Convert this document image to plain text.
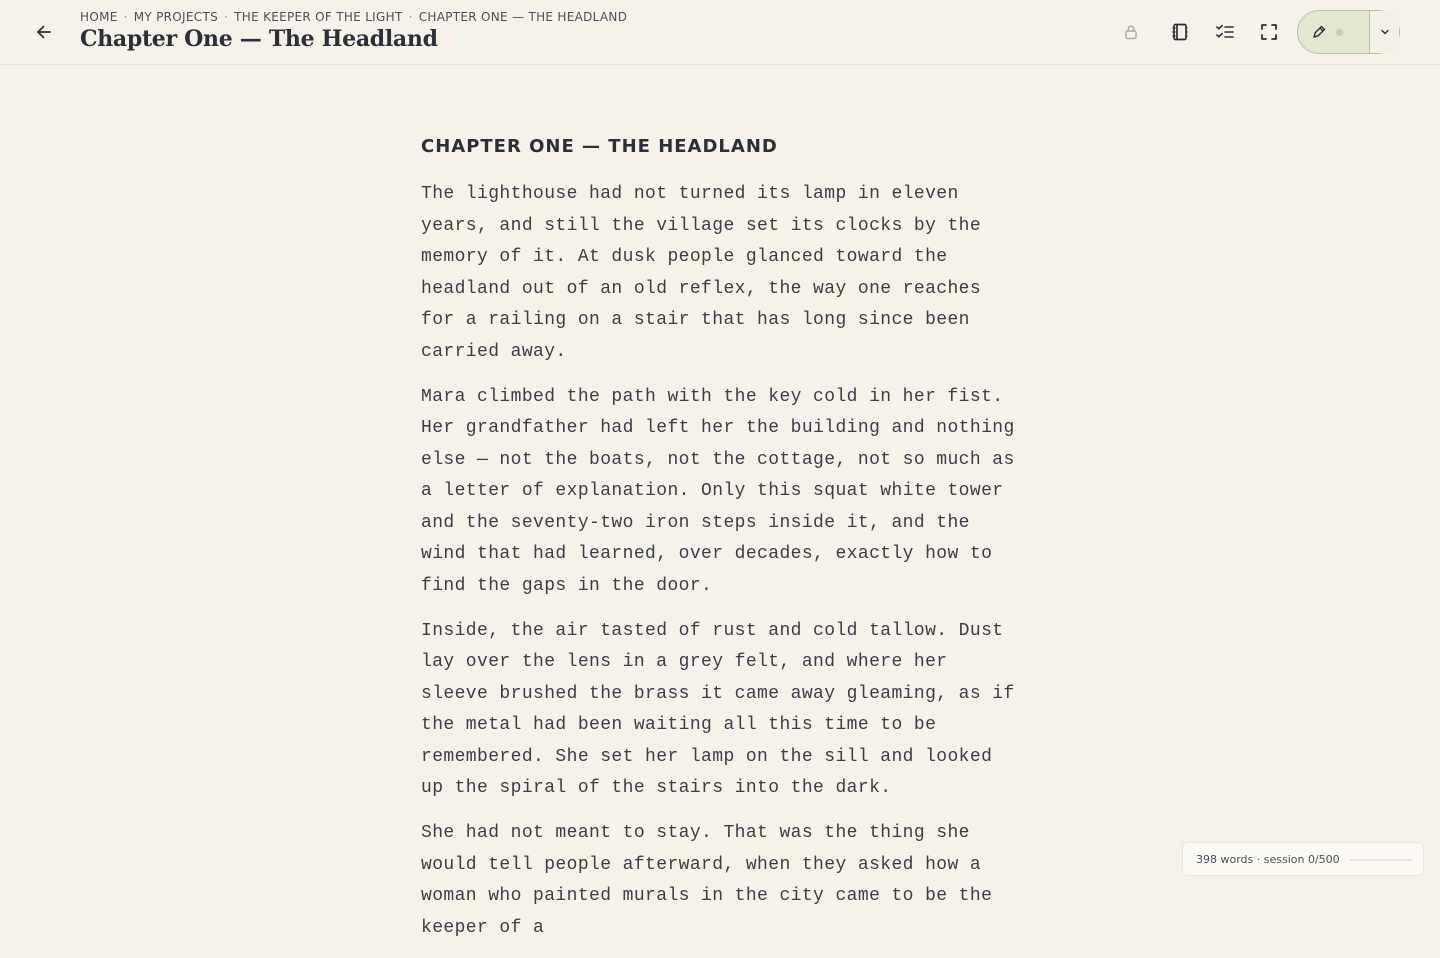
HOME · MY PROJECTS · THE KEEPER OF THE LIGHT · CHAPTER ONE — THE HEADLAND
Chapter One — The Headland
CHAPTER ONE — THE HEADLAND

The lighthouse had not turned its lamp in eleven years, and still the village set its clocks by the memory of it. At dusk people glanced toward the headland out of an old reflex, the way one reaches for a railing on a stair that has long since been carried away.

Mara climbed the path with the key cold in her fist. Her grandfather had left her the building and nothing else — not the boats, not the cottage, not so much as a letter of explanation. Only this squat white tower and the seventy-two iron steps inside it, and the wind that had learned, over decades, exactly how to find the gaps in the door.

Inside, the air tasted of rust and cold tallow. Dust lay over the lens in a grey felt, and where her sleeve brushed the brass it came away gleaming, as if the metal had been waiting all this time to be remembered. She set her lamp on the sill and looked up the spiral of the stairs into the dark.

She had not meant to stay. That was the thing she would tell people afterward, when they asked how a woman who painted murals in the city came to be the keeper of a

398 words · session 0/500
